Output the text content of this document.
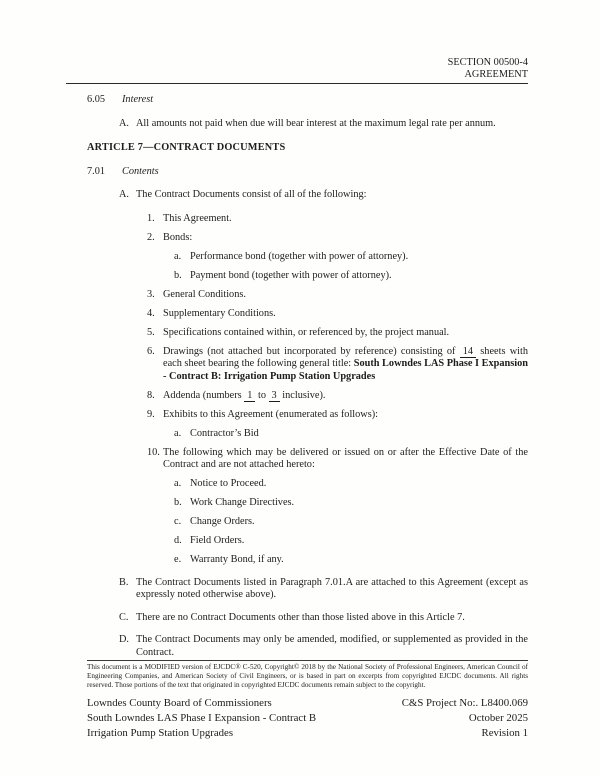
SECTION 00500-4
AGREEMENT
6.05	Interest
A. All amounts not paid when due will bear interest at the maximum legal rate per annum.
ARTICLE 7—CONTRACT DOCUMENTS
7.01	Contents
A. The Contract Documents consist of all of the following:
1. This Agreement.
2. Bonds:
a. Performance bond (together with power of attorney).
b. Payment bond (together with power of attorney).
3. General Conditions.
4. Supplementary Conditions.
5. Specifications contained within, or referenced by, the project manual.
6. Drawings (not attached but incorporated by reference) consisting of 14 sheets with each sheet bearing the following general title: South Lowndes LAS Phase I Expansion - Contract B: Irrigation Pump Station Upgrades
8. Addenda (numbers 1 to 3 inclusive).
9. Exhibits to this Agreement (enumerated as follows):
a. Contractor’s Bid
10. The following which may be delivered or issued on or after the Effective Date of the Contract and are not attached hereto:
a. Notice to Proceed.
b. Work Change Directives.
c. Change Orders.
d. Field Orders.
e. Warranty Bond, if any.
B. The Contract Documents listed in Paragraph 7.01.A are attached to this Agreement (except as expressly noted otherwise above).
C. There are no Contract Documents other than those listed above in this Article 7.
D. The Contract Documents may only be amended, modified, or supplemented as provided in the Contract.
This document is a MODIFIED version of EJCDC® C-520, Copyright© 2018 by the National Society of Professional Engineers, American Council of Engineering Companies, and American Society of Civil Engineers, or is based in part on excerpts from copyrighted EJCDC documents. All rights reserved. Those portions of the text that originated in copyrighted EJCDC documents remain subject to the copyright.
Lowndes County Board of Commissioners	C&S Project No:. L8400.069
South Lowndes LAS Phase I Expansion - Contract B	October 2025
Irrigation Pump Station Upgrades	Revision 1
